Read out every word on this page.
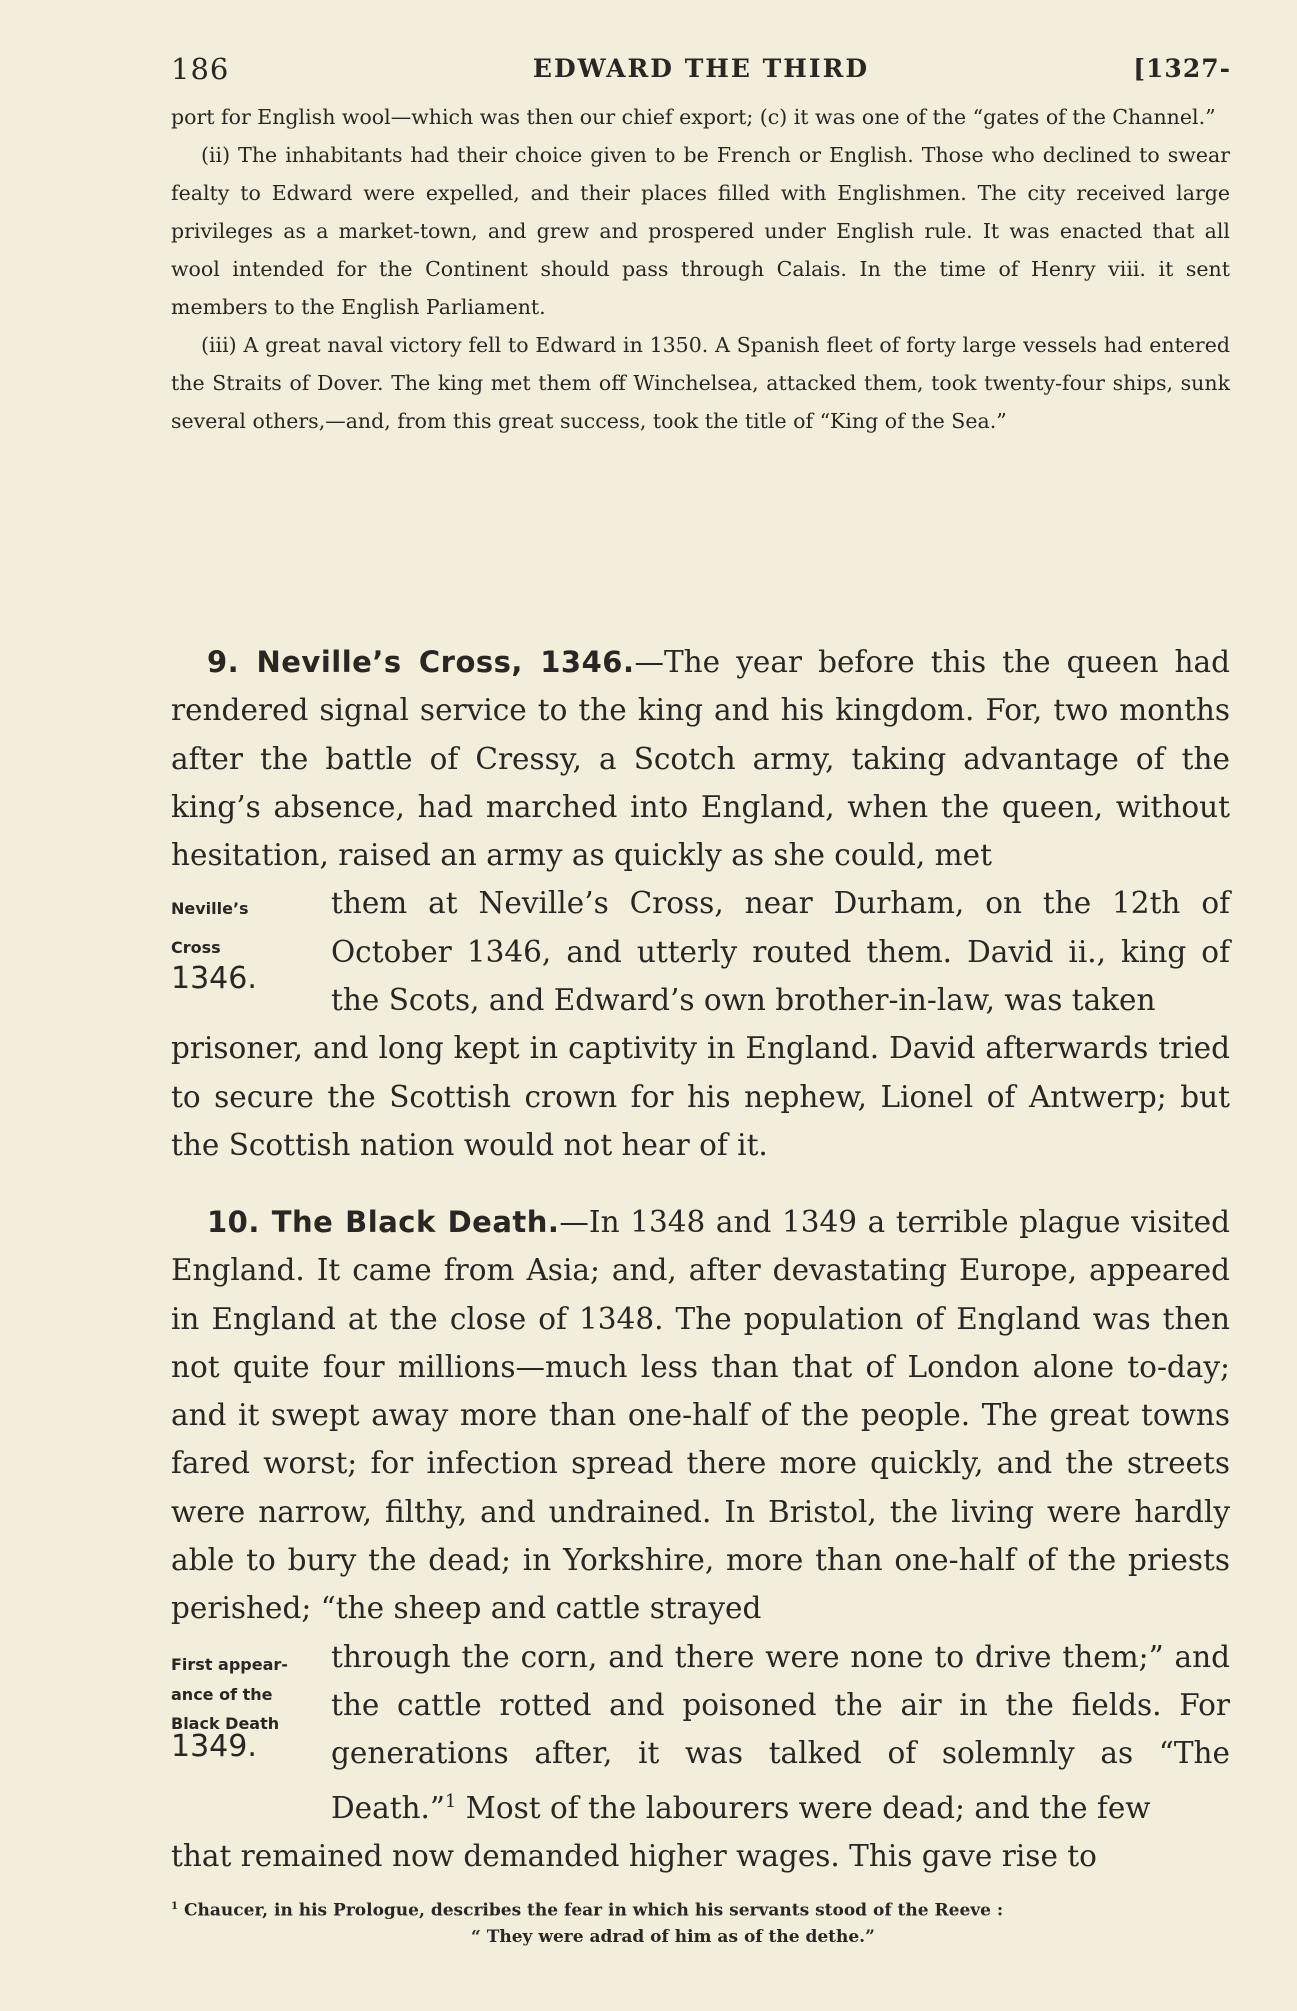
186	EDWARD THE THIRD	[1327-

port for English wool—which was then our chief export; (c) it was one of the “gates of the Channel.”

(ii) The inhabitants had their choice given to be French or English. Those who declined to swear fealty to Edward were expelled, and their places filled with Englishmen. The city received large privileges as a market-town, and grew and prospered under English rule. It was enacted that all wool intended for the Continent should pass through Calais. In the time of Henry viii. it sent members to the English Parliament.

(iii) A great naval victory fell to Edward in 1350. A Spanish fleet of forty large vessels had entered the Straits of Dover. The king met them off Winchelsea, attacked them, took twenty-four ships, sunk several others,—and, from this great success, took the title of “King of the Sea.”

9. Neville’s Cross, 1346.—The year before this the queen had rendered signal service to the king and his kingdom. For, two months after the battle of Cressy, a Scotch army, taking advantage of the king’s absence, had marched into England, when the queen, without hesitation, raised an army as quickly as she could, met

them at Neville’s Cross, near Durham, on the 12th of October 1346, and utterly routed them. David ii., king of the Scots, and Edward’s own brother-in-law, was taken

prisoner, and long kept in captivity in England. David afterwards tried to secure the Scottish crown for his nephew, Lionel of Antwerp; but the Scottish nation would not hear of it.

Neville’s
Cross
1346.

10. The Black Death.—In 1348 and 1349 a terrible plague visited England. It came from Asia; and, after devastating Europe, appeared in England at the close of 1348. The population of England was then not quite four millions—much less than that of London alone to-day; and it swept away more than one-half of the people. The great towns fared worst; for infection spread there more quickly, and the streets were narrow, filthy, and undrained. In Bristol, the living were hardly able to bury the dead; in Yorkshire, more than one-half of the priests perished; “the sheep and cattle strayed

through the corn, and there were none to drive them;” and the cattle rotted and poisoned the air in the fields. For generations after, it was talked of solemnly as “The Death.”$^1$ Most of the labourers were dead; and the few

that remained now demanded higher wages. This gave rise to

First appear-
ance of the
Black Death
1349.
$^1$ Chaucer, in his Prologue, describes the fear in which his servants stood of the Reeve :
“ They were adrad of him as of the dethe.”
